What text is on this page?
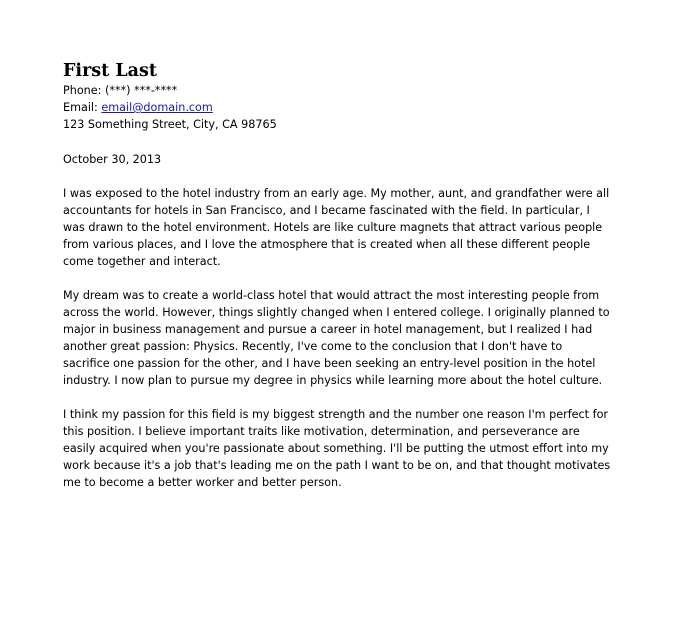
First Last

Phone: (***) ***-****

Email: email@domain.com

123 Something Street, City, CA 98765

October 30, 2013

I was exposed to the hotel industry from an early age. My mother, aunt, and grandfather were all accountants for hotels in San Francisco, and I became fascinated with the field. In particular, I was drawn to the hotel environment. Hotels are like culture magnets that attract various people from various places, and I love the atmosphere that is created when all these different people come together and interact.

My dream was to create a world-class hotel that would attract the most interesting people from across the world. However, things slightly changed when I entered college. I originally planned to major in business management and pursue a career in hotel management, but I realized I had another great passion: Physics. Recently, I've come to the conclusion that I don't have to sacrifice one passion for the other, and I have been seeking an entry-level position in the hotel industry. I now plan to pursue my degree in physics while learning more about the hotel culture.

I think my passion for this field is my biggest strength and the number one reason I'm perfect for this position. I believe important traits like motivation, determination, and perseverance are easily acquired when you're passionate about something. I'll be putting the utmost effort into my work because it's a job that's leading me on the path I want to be on, and that thought motivates me to become a better worker and better person.
